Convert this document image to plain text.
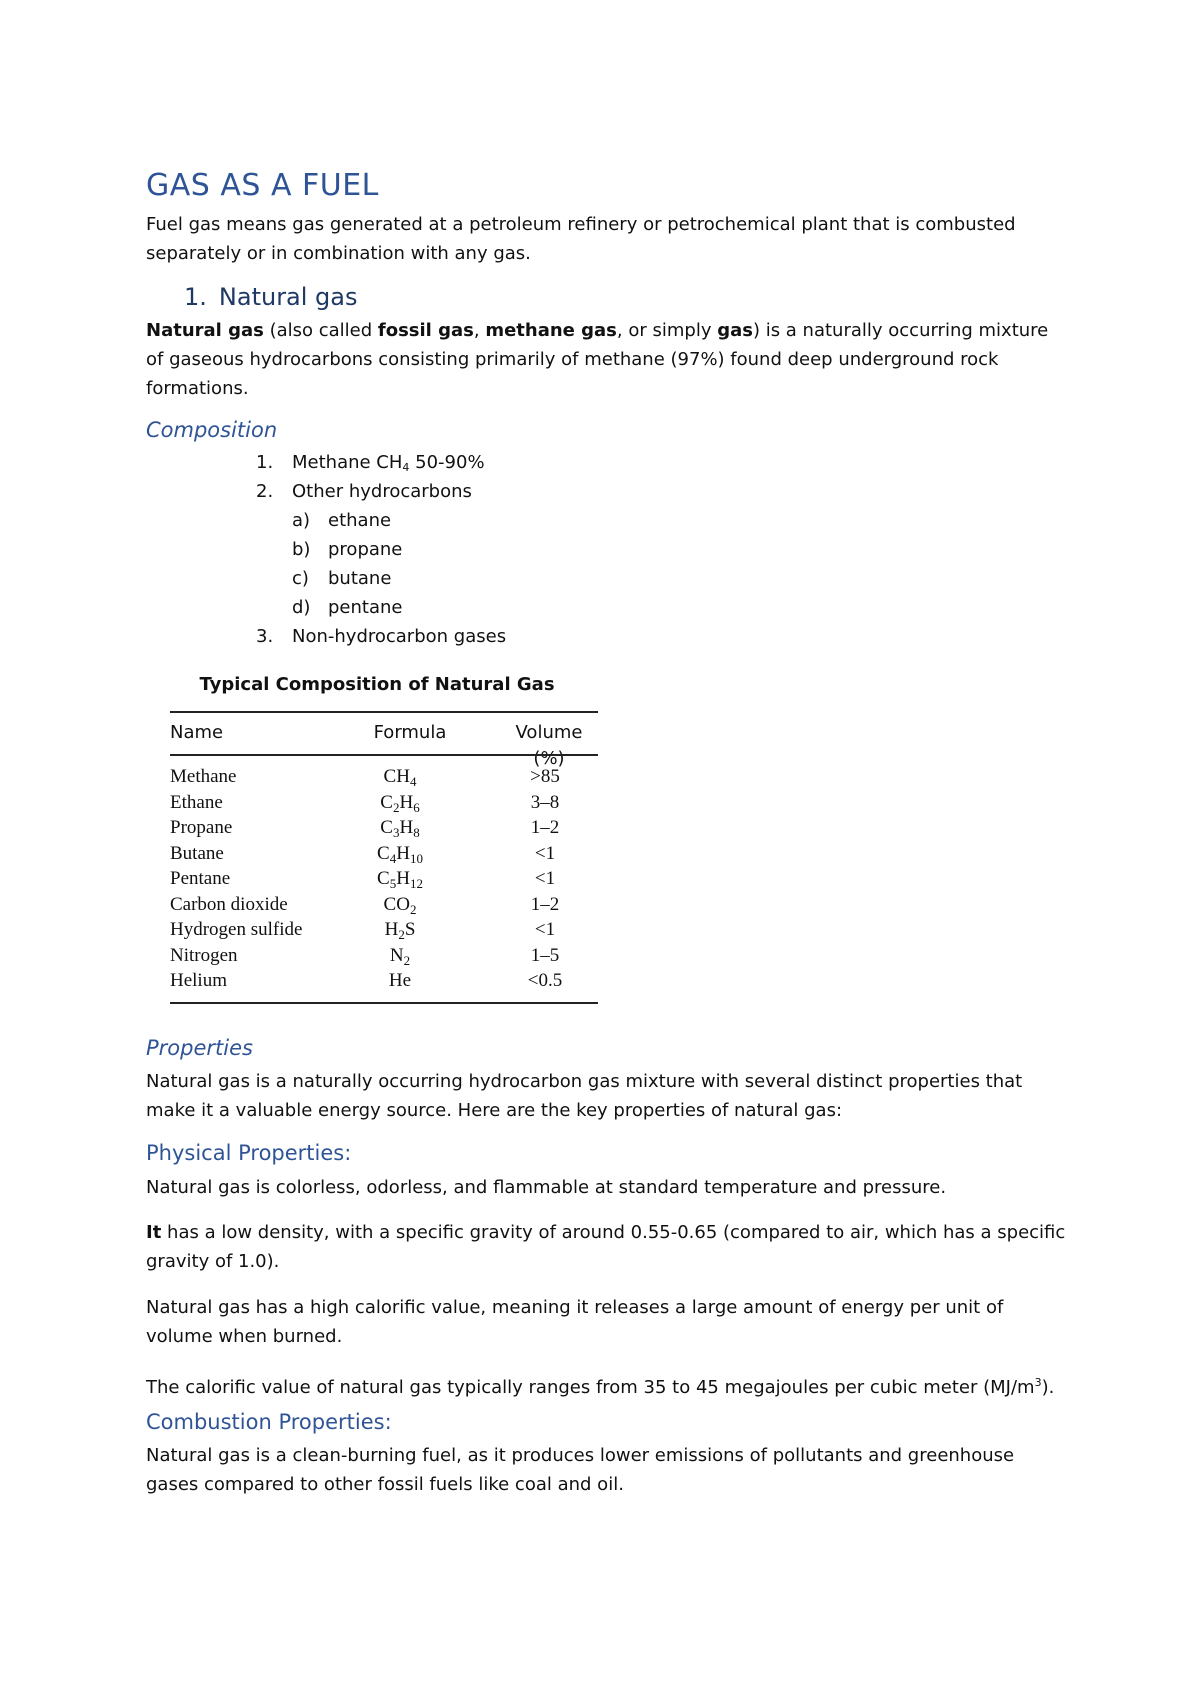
GAS AS A FUEL

Fuel gas means gas generated at a petroleum refinery or petrochemical plant that is combusted separately or in combination with any gas.

1. Natural gas

Natural gas (also called fossil gas, methane gas, or simply gas) is a naturally occurring mixture of gaseous hydrocarbons consisting primarily of methane (97%) found deep underground rock formations.

Composition
1. Methane $CH_4$ 50-90%
2. Other hydrocarbons
a) ethane
b) propane
c) butane
d) pentane
3. Non-hydrocarbon gases
Typical Composition of Natural Gas
Name	Formula	Volume (%)
Methane	$CH_4$	>85
Ethane	$C_2H_6$	3–8
Propane	$C_3H_8$	1–2
Butane	$C_4H_{10}$	<1
Pentane	$C_5H_{12}$	<1
Carbon dioxide	$CO_2$	1–2
Hydrogen sulfide	$H_2S$	<1
Nitrogen	$N_2$	1–5
Helium	He	<0.5
Properties

Natural gas is a naturally occurring hydrocarbon gas mixture with several distinct properties that make it a valuable energy source. Here are the key properties of natural gas:

Physical Properties:

Natural gas is colorless, odorless, and flammable at standard temperature and pressure.

It has a low density, with a specific gravity of around 0.55-0.65 (compared to air, which has a specific gravity of 1.0).

Natural gas has a high calorific value, meaning it releases a large amount of energy per unit of volume when burned.

The calorific value of natural gas typically ranges from 35 to 45 megajoules per cubic meter $(MJ/m^3)$.

Combustion Properties:

Natural gas is a clean-burning fuel, as it produces lower emissions of pollutants and greenhouse gases compared to other fossil fuels like coal and oil.
